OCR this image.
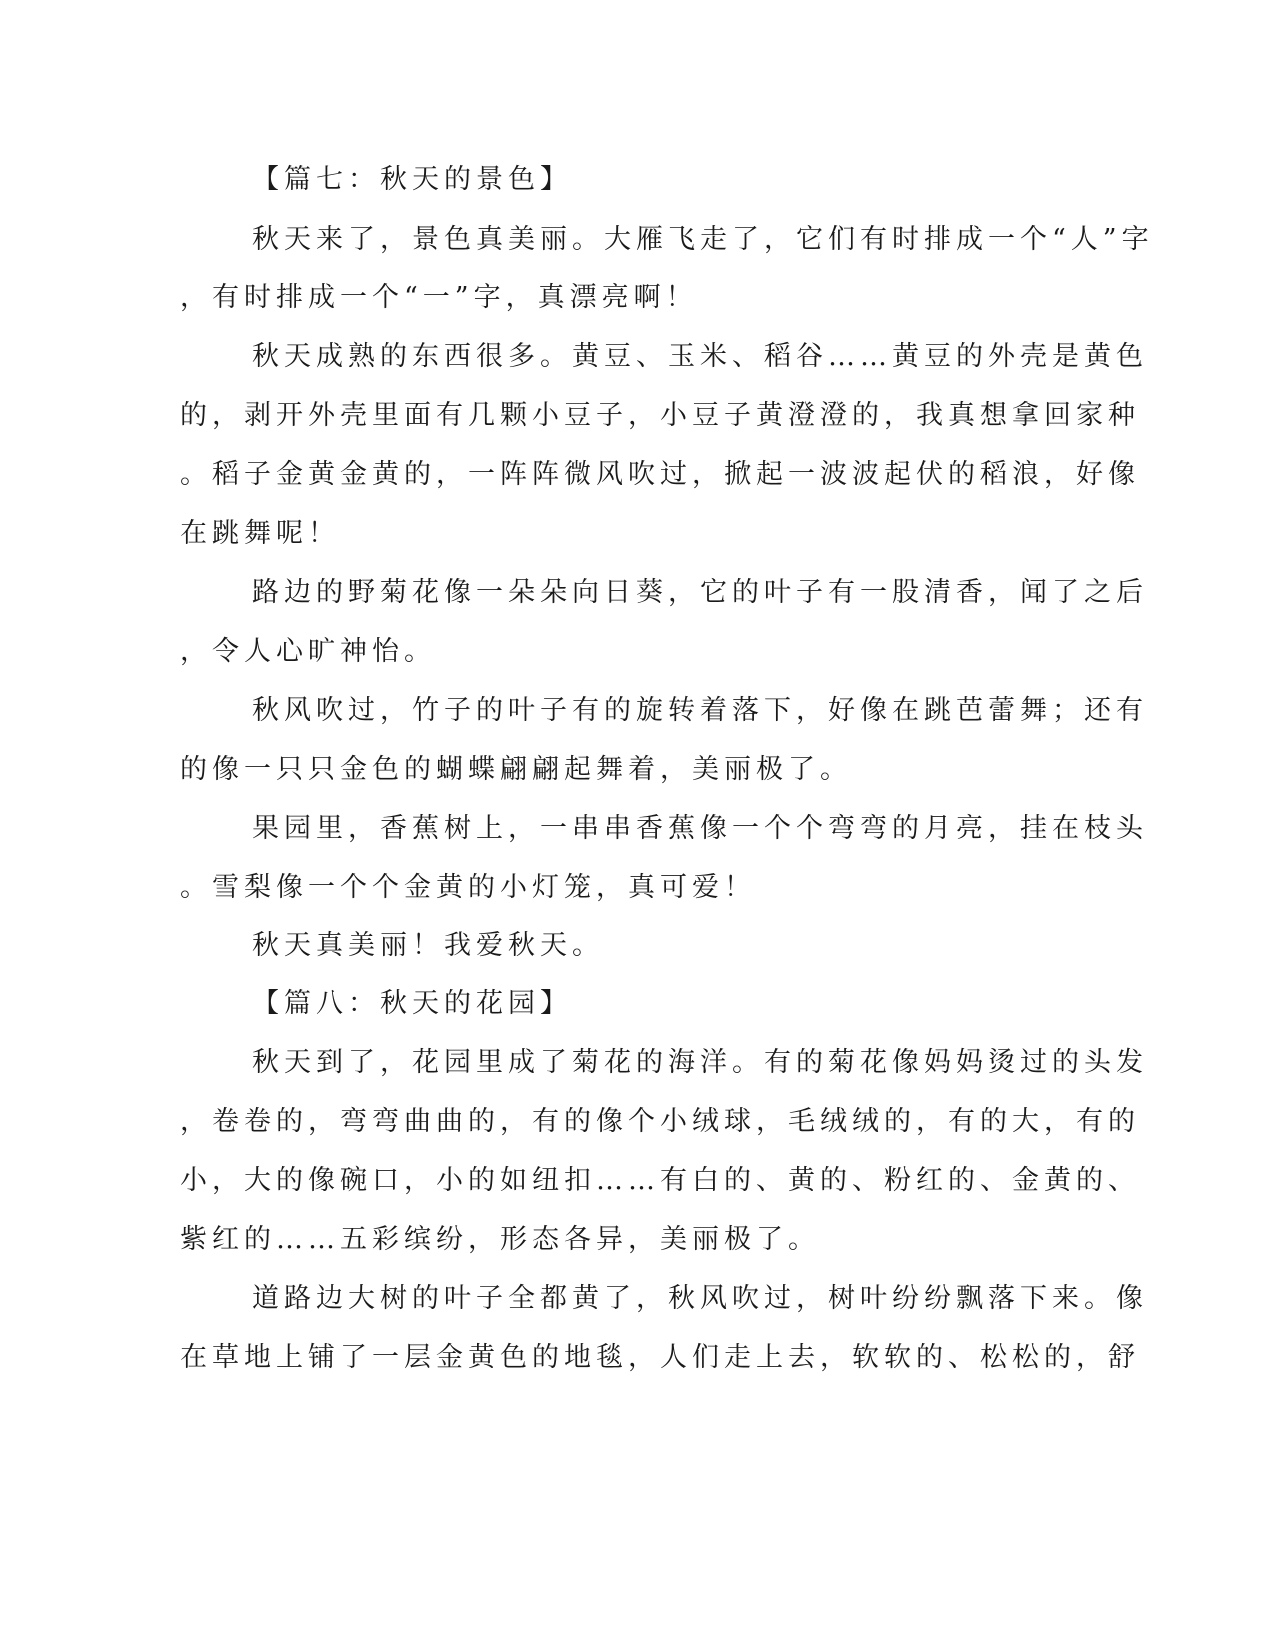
【篇七：秋天的景色】

秋天来了，景色真美丽。大雁飞走了，它们有时排成一个“人”字

，有时排成一个“一”字，真漂亮啊！

秋天成熟的东西很多。黄豆、玉米、稻谷……黄豆的外壳是黄色

的，剥开外壳里面有几颗小豆子，小豆子黄澄澄的，我真想拿回家种

。稻子金黄金黄的，一阵阵微风吹过，掀起一波波起伏的稻浪，好像

在跳舞呢！

路边的野菊花像一朵朵向日葵，它的叶子有一股清香，闻了之后

，令人心旷神怡。

秋风吹过，竹子的叶子有的旋转着落下，好像在跳芭蕾舞；还有

的像一只只金色的蝴蝶翩翩起舞着，美丽极了。

果园里，香蕉树上，一串串香蕉像一个个弯弯的月亮，挂在枝头

。雪梨像一个个金黄的小灯笼，真可爱！

秋天真美丽！我爱秋天。

【篇八：秋天的花园】

秋天到了，花园里成了菊花的海洋。有的菊花像妈妈烫过的头发

，卷卷的，弯弯曲曲的，有的像个小绒球，毛绒绒的，有的大，有的

小，大的像碗口，小的如纽扣……有白的、黄的、粉红的、金黄的、

紫红的……五彩缤纷，形态各异，美丽极了。

道路边大树的叶子全都黄了，秋风吹过，树叶纷纷飘落下来。像

在草地上铺了一层金黄色的地毯，人们走上去，软软的、松松的，舒
